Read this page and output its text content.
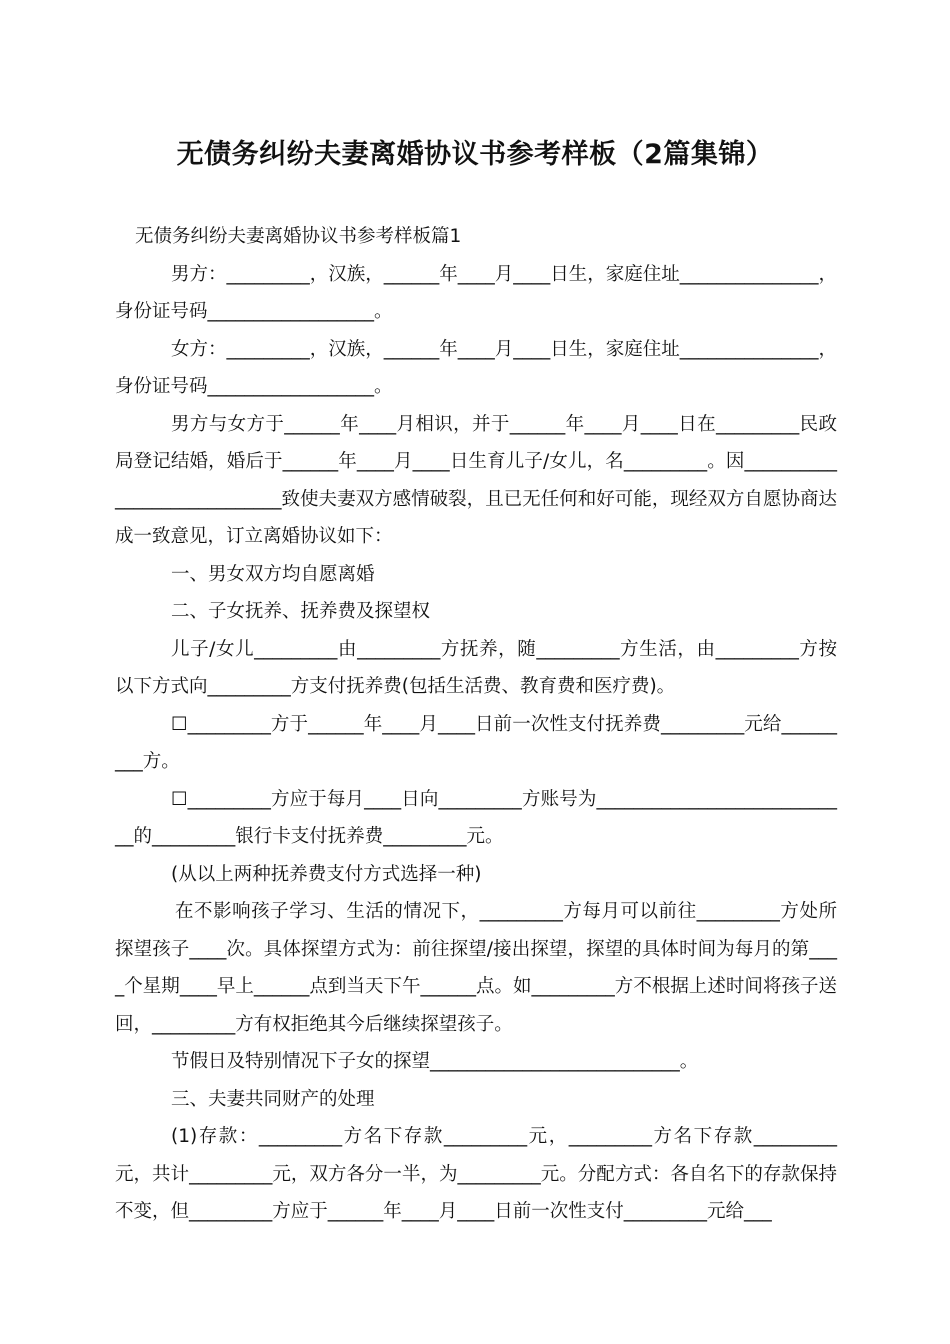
无债务纠纷夫妻离婚协议书参考样板（2篇集锦）

无债务纠纷夫妻离婚协议书参考样板篇1

男方：_________，汉族，______年____月____日生，家庭住址_______________，身份证号码__________________。

女方：_________，汉族，______年____月____日生，家庭住址_______________，身份证号码__________________。

男方与女方于______年____月相识，并于______年____月____日在_________民政局登记结婚，婚后于______年____月____日生育儿子/女儿，名_________。因____________________________致使夫妻双方感情破裂，且已无任何和好可能，现经双方自愿协商达成一致意见，订立离婚协议如下：

一、男女双方均自愿离婚

二、子女抚养、抚养费及探望权

儿子/女儿_________由_________方抚养，随_________方生活，由_________方按以下方式向_________方支付抚养费(包括生活费、教育费和医疗费)。

☐_________方于______年____月____日前一次性支付抚养费_________元给_________方。

☐_________方应于每月____日向_________方账号为____________________________的_________银行卡支付抚养费_________元。

(从以上两种抚养费支付方式选择一种)

在不影响孩子学习、生活的情况下，_________方每月可以前往_________方处所探望孩子____次。具体探望方式为：前往探望/接出探望，探望的具体时间为每月的第____个星期____早上______点到当天下午______点。如_________方不根据上述时间将孩子送回，_________方有权拒绝其今后继续探望孩子。

节假日及特别情况下子女的探望___________________________。

三、夫妻共同财产的处理

(1)存款：_________方名下存款_________元，_________方名下存款_________元，共计_________元，双方各分一半，为_________元。分配方式：各自名下的存款保持不变，但_________方应于______年____月____日前一次性支付_________元给___
